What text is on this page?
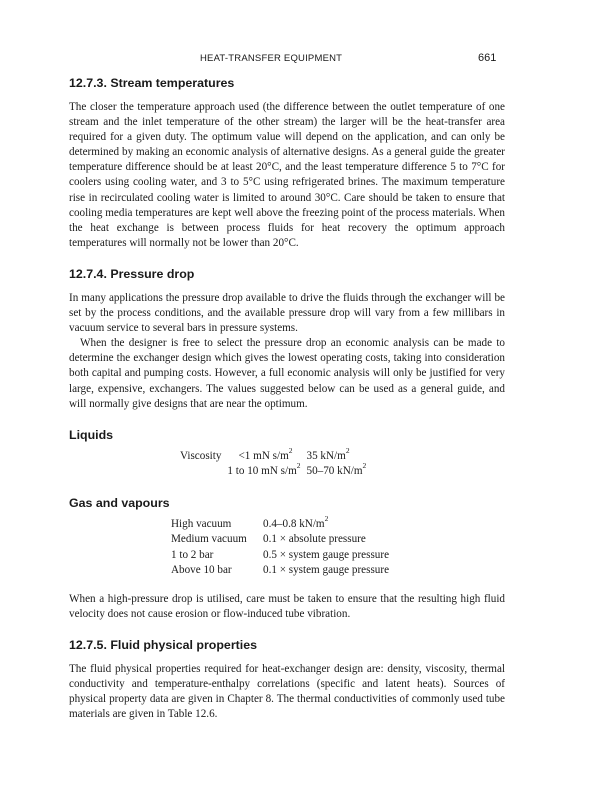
HEAT-TRANSFER EQUIPMENT	661
12.7.3. Stream temperatures

The closer the temperature approach used (the difference between the outlet temperature of one stream and the inlet temperature of the other stream) the larger will be the heat-transfer area required for a given duty. The optimum value will depend on the application, and can only be determined by making an economic analysis of alternative designs. As a general guide the greater temperature difference should be at least 20°C, and the least temperature difference 5 to 7°C for coolers using cooling water, and 3 to 5°C using refrigerated brines. The maximum temperature rise in recirculated cooling water is limited to around 30°C. Care should be taken to ensure that cooling media temperatures are kept well above the freezing point of the process materials. When the heat exchange is between process fluids for heat recovery the optimum approach temperatures will normally not be lower than 20°C.

12.7.4. Pressure drop

In many applications the pressure drop available to drive the fluids through the exchanger will be set by the process conditions, and the available pressure drop will vary from a few millibars in vacuum service to several bars in pressure systems.

When the designer is free to select the pressure drop an economic analysis can be made to determine the exchanger design which gives the lowest operating costs, taking into consideration both capital and pumping costs. However, a full economic analysis will only be justified for very large, expensive, exchangers. The values suggested below can be used as a general guide, and will normally give designs that are near the optimum.

Liquids
Viscosity	<1 mN $s/m^2$	35 $kN/m^2$
	1 to 10 mN $s/m^2$	50–70 $kN/m^2$
Gas and vapours
High vacuum	0.4–0.8 $kN/m^2$
Medium vacuum	0.1 × absolute pressure
1 to 2 bar	0.5 × system gauge pressure
Above 10 bar	0.1 × system gauge pressure

When a high-pressure drop is utilised, care must be taken to ensure that the resulting high fluid velocity does not cause erosion or flow-induced tube vibration.

12.7.5. Fluid physical properties

The fluid physical properties required for heat-exchanger design are: density, viscosity, thermal conductivity and temperature-enthalpy correlations (specific and latent heats). Sources of physical property data are given in Chapter 8. The thermal conductivities of commonly used tube materials are given in Table 12.6.
